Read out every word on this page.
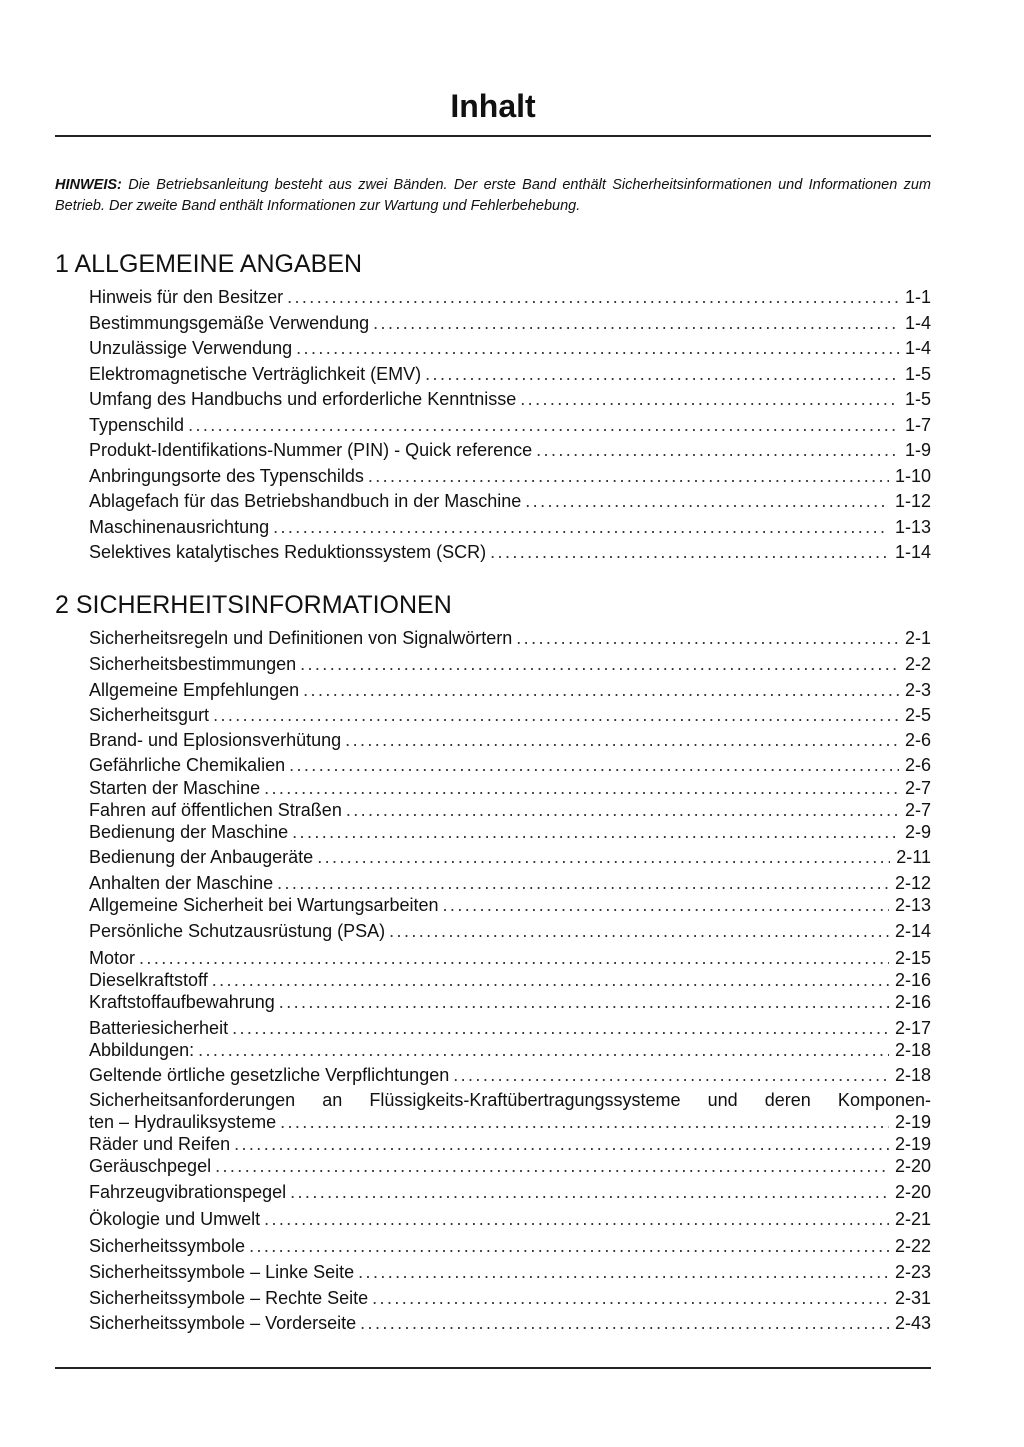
Inhalt

HINWEIS: Die Betriebsanleitung besteht aus zwei Bänden. Der erste Band enthält Sicherheitsinformationen und Informationen zum Betrieb. Der zweite Band enthält Informationen zur Wartung und Fehlerbehebung.

1 ALLGEMEINE ANGABEN
Hinweis für den Besitzer .....	1-1
Bestimmungsgemäße Verwendung .....	1-4
Unzulässige Verwendung .....	1-4
Elektromagnetische Verträglichkeit (EMV) .....	1-5
Umfang des Handbuchs und erforderliche Kenntnisse .....	1-5
Typenschild .....	1-7
Produkt-Identifikations-Nummer (PIN) - Quick reference .....	1-9
Anbringungsorte des Typenschilds .....	1-10
Ablagefach für das Betriebshandbuch in der Maschine .....	1-12
Maschinenausrichtung .....	1-13
Selektives katalytisches Reduktionssystem (SCR) .....	1-14
2 SICHERHEITSINFORMATIONEN
Sicherheitsregeln und Definitionen von Signalwörtern .....	2-1
Sicherheitsbestimmungen .....	2-2
Allgemeine Empfehlungen .....	2-3
Sicherheitsgurt .....	2-5
Brand- und Eplosionsverhütung .....	2-6
Gefährliche Chemikalien .....	2-6
Starten der Maschine .....	2-7
Fahren auf öffentlichen Straßen .....	2-7
Bedienung der Maschine .....	2-9
Bedienung der Anbaugeräte .....	2-11
Anhalten der Maschine .....	2-12
Allgemeine Sicherheit bei Wartungsarbeiten .....	2-13
Persönliche Schutzausrüstung (PSA) .....	2-14
Motor .....	2-15
Dieselkraftstoff .....	2-16
Kraftstoffaufbewahrung .....	2-16
Batteriesicherheit .....	2-17
Abbildungen: .....	2-18
Geltende örtliche gesetzliche Verpflichtungen .....	2-18
Sicherheitsanforderungen an Flüssigkeits-Kraftübertragungssysteme und deren Komponen-
ten – Hydrauliksysteme .....	2-19
Räder und Reifen .....	2-19
Geräuschpegel .....	2-20
Fahrzeugvibrationspegel .....	2-20
Ökologie und Umwelt .....	2-21
Sicherheitssymbole .....	2-22
Sicherheitssymbole – Linke Seite .....	2-23
Sicherheitssymbole – Rechte Seite .....	2-31
Sicherheitssymbole – Vorderseite .....	2-43
